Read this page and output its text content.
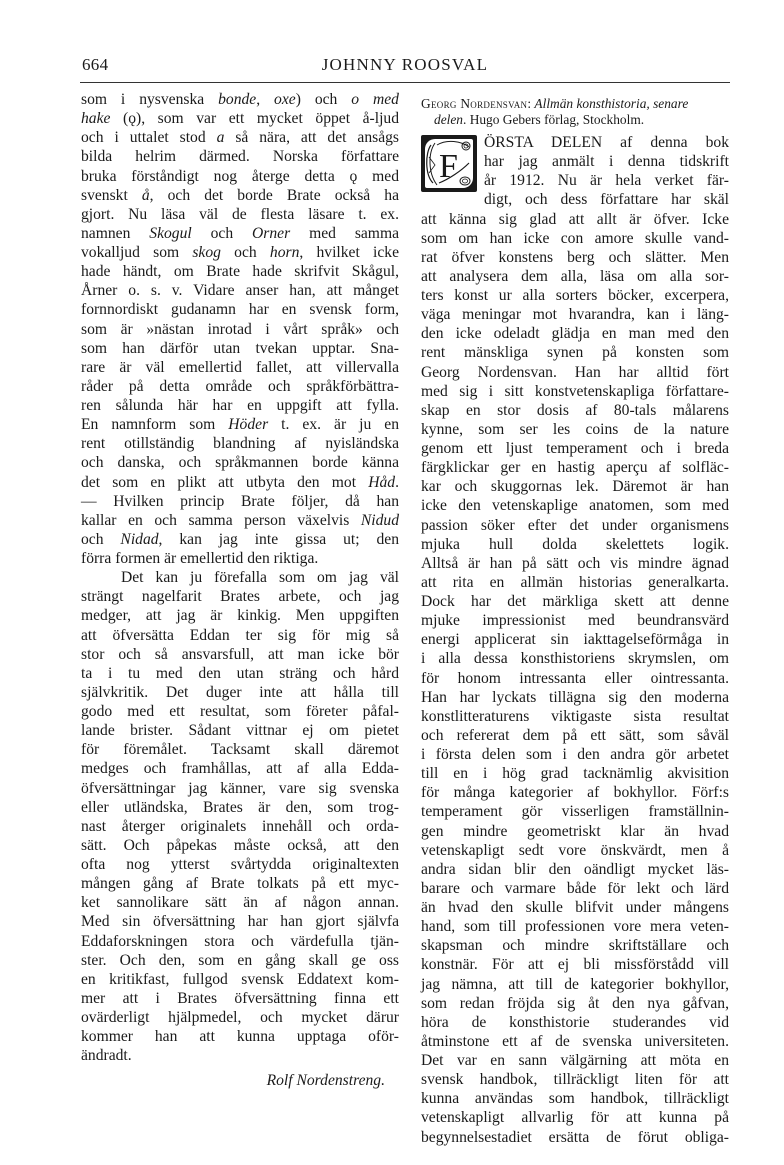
664	JOHNNY ROOSVAL
som i nysvenska bonde, oxe) och o med
hake (ǫ), som var ett mycket öppet å-ljud
och i uttalet stod a så nära, att det ansågs
bilda helrim därmed. Norska författare
bruka förståndigt nog återge detta ǫ med
svenskt å, och det borde Brate också ha
gjort. Nu läsa väl de flesta läsare t. ex.
namnen Skogul och Orner med samma
vokalljud som skog och horn, hvilket icke
hade händt, om Brate hade skrifvit Skågul,
Årner o. s. v. Vidare anser han, att månget
fornnordiskt gudanamn har en svensk form,
som är »nästan inrotad i vårt språk» och
som han därför utan tvekan upptar. Sna-
rare är väl emellertid fallet, att villervalla
råder på detta område och språkförbättra-
ren sålunda här har en uppgift att fylla.
En namnform som Höder t. ex. är ju en
rent otillständig blandning af nyisländska
och danska, och språkmannen borde känna
det som en plikt att utbyta den mot Håd.
— Hvilken princip Brate följer, då han
kallar en och samma person växelvis Nidud
och Nidad, kan jag inte gissa ut; den
förra formen är emellertid den riktiga.
Det kan ju förefalla som om jag väl
strängt nagelfarit Brates arbete, och jag
medger, att jag är kinkig. Men uppgiften
att öfversätta Eddan ter sig för mig så
stor och så ansvarsfull, att man icke bör
ta i tu med den utan sträng och hård
självkritik. Det duger inte att hålla till
godo med ett resultat, som företer påfal-
lande brister. Sådant vittnar ej om pietet
för föremålet. Tacksamt skall däremot
medges och framhållas, att af alla Edda-
öfversättningar jag känner, vare sig svenska
eller utländska, Brates är den, som trog-
nast återger originalets innehåll och orda-
sätt. Och påpekas måste också, att den
ofta nog ytterst svårtydda originaltexten
mången gång af Brate tolkats på ett myc-
ket sannolikare sätt än af någon annan.
Med sin öfversättning har han gjort självfa
Eddaforskningen stora och värdefulla tjän-
ster. Och den, som en gång skall ge oss
en kritikfast, fullgod svensk Eddatext kom-
mer att i Brates öfversättning finna ett
ovärderligt hjälpmedel, och mycket därur
kommer han att kunna upptaga oför-
ändradt.
Rolf Nordenstreng.
Georg Nordensvan: Allmän konsthistoria, senare
delen. Hugo Gebers förlag, Stockholm.
F
ÖRSTA DELEN af denna bok
har jag anmält i denna tidskrift
år 1912. Nu är hela verket fär-
digt, och dess författare har skäl
att känna sig glad att allt är öfver. Icke
som om han icke con amore skulle vand-
rat öfver konstens berg och slätter. Men
att analysera dem alla, läsa om alla sor-
ters konst ur alla sorters böcker, excerpera,
väga meningar mot hvarandra, kan i läng-
den icke odeladt glädja en man med den
rent mänskliga synen på konsten som
Georg Nordensvan. Han har alltid fört
med sig i sitt konstvetenskapliga författare-
skap en stor dosis af 80-tals målarens
kynne, som ser les coins de la nature
genom ett ljust temperament och i breda
färgklickar ger en hastig aperçu af solfläc-
kar och skuggornas lek. Däremot är han
icke den vetenskaplige anatomen, som med
passion söker efter det under organismens
mjuka hull dolda skelettets logik.
Alltså är han på sätt och vis mindre ägnad
att rita en allmän historias generalkarta.
Dock har det märkliga skett att denne
mjuke impressionist med beundransvärd
energi applicerat sin iakttagelseförmåga in
i alla dessa konsthistoriens skrymslen, om
för honom intressanta eller ointressanta.
Han har lyckats tillägna sig den moderna
konstlitteraturens viktigaste sista resultat
och refererat dem på ett sätt, som såväl
i första delen som i den andra gör arbetet
till en i hög grad tacknämlig akvisition
för många kategorier af bokhyllor. Förf:s
temperament gör visserligen framställnin-
gen mindre geometriskt klar än hvad
vetenskapligt sedt vore önskvärdt, men å
andra sidan blir den oändligt mycket läs-
barare och varmare både för lekt och lärd
än hvad den skulle blifvit under mångens
hand, som till professionen vore mera veten-
skapsman och mindre skriftställare och
konstnär. För att ej bli missförstådd vill
jag nämna, att till de kategorier bokhyllor,
som redan fröjda sig åt den nya gåfvan,
höra de konsthistorie studerandes vid
åtminstone ett af de svenska universiteten.
Det var en sann välgärning att möta en
svensk handbok, tillräckligt liten för att
kunna användas som handbok, tillräckligt
vetenskapligt allvarlig för att kunna på
begynnelsestadiet ersätta de förut obliga-
